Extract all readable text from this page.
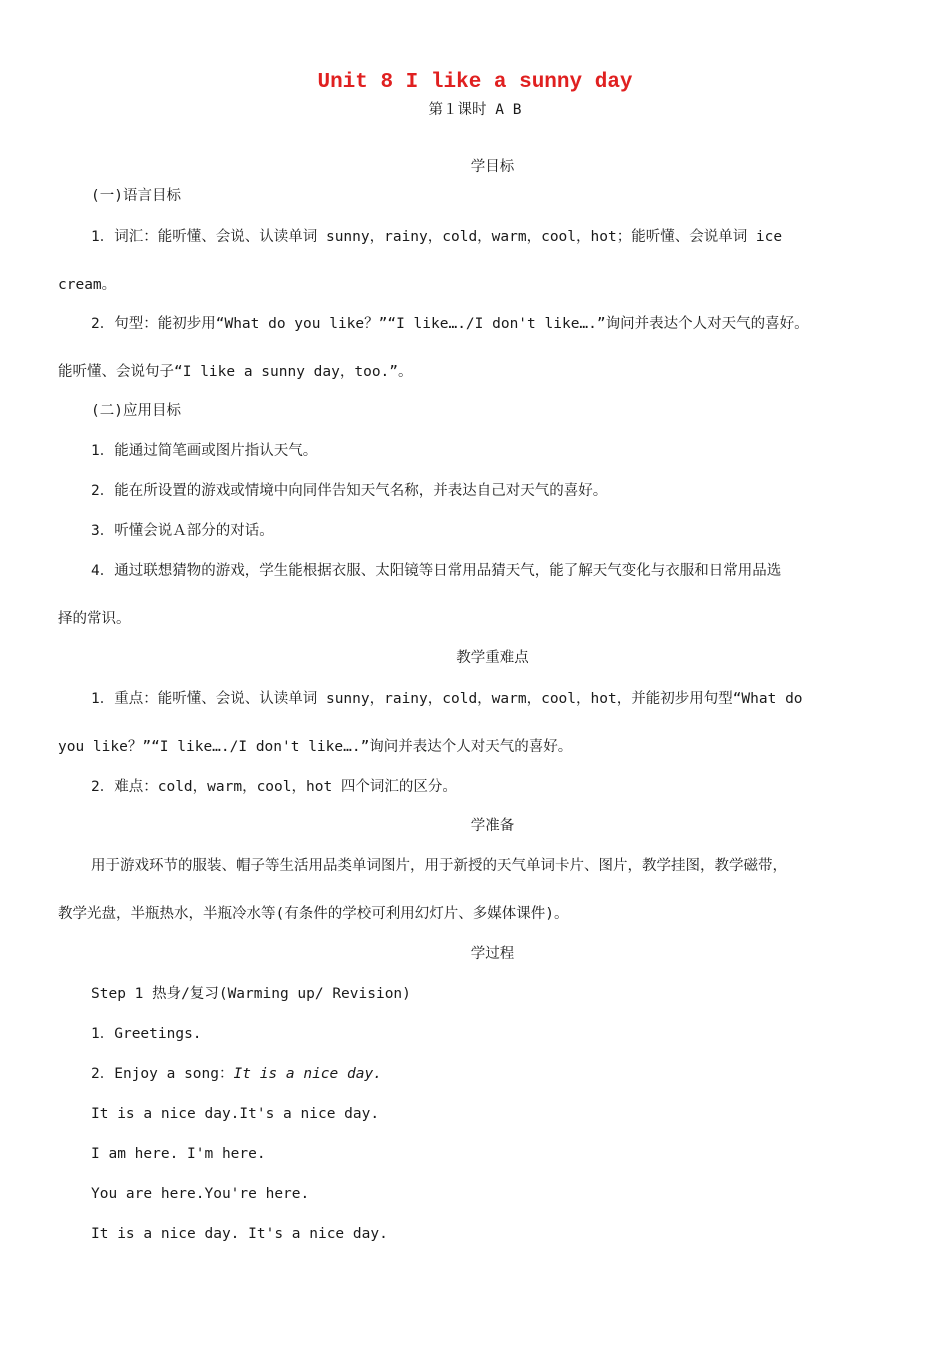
Unit 8 I like a sunny day
第１课时 A B
学目标
(一)语言目标
1．词汇：能听懂、会说、认读单词 sunny，rainy，cold，warm，cool，hot；能听懂、会说单词 ice
cream。
2．句型：能初步用“What do you like？”“I like…./I don't like….”询问并表达个人对天气的喜好。
能听懂、会说句子“I like a sunny day，too.”。
(二)应用目标
1．能通过简笔画或图片指认天气。
2．能在所设置的游戏或情境中向同伴告知天气名称，并表达自己对天气的喜好。
3．听懂会说Ａ部分的对话。
4．通过联想猜物的游戏，学生能根据衣服、太阳镜等日常用品猜天气，能了解天气变化与衣服和日常用品选
择的常识。
教学重难点
1．重点：能听懂、会说、认读单词 sunny，rainy，cold，warm，cool，hot，并能初步用句型“What do
you like？”“I like…./I don't like….”询问并表达个人对天气的喜好。
2．难点：cold，warm，cool，hot 四个词汇的区分。
学准备
用于游戏环节的服装、帽子等生活用品类单词图片，用于新授的天气单词卡片、图片，教学挂图，教学磁带，
教学光盘，半瓶热水，半瓶冷水等(有条件的学校可利用幻灯片、多媒体课件)。
学过程
Step 1 热身/复习(Warming up/ Revision)
1．Greetings.
2．Enjoy a song：It is a nice day.
It is a nice day.It's a nice day.
I am here. I'm here.
You are here.You're here.
It is a nice day. It's a nice day.
